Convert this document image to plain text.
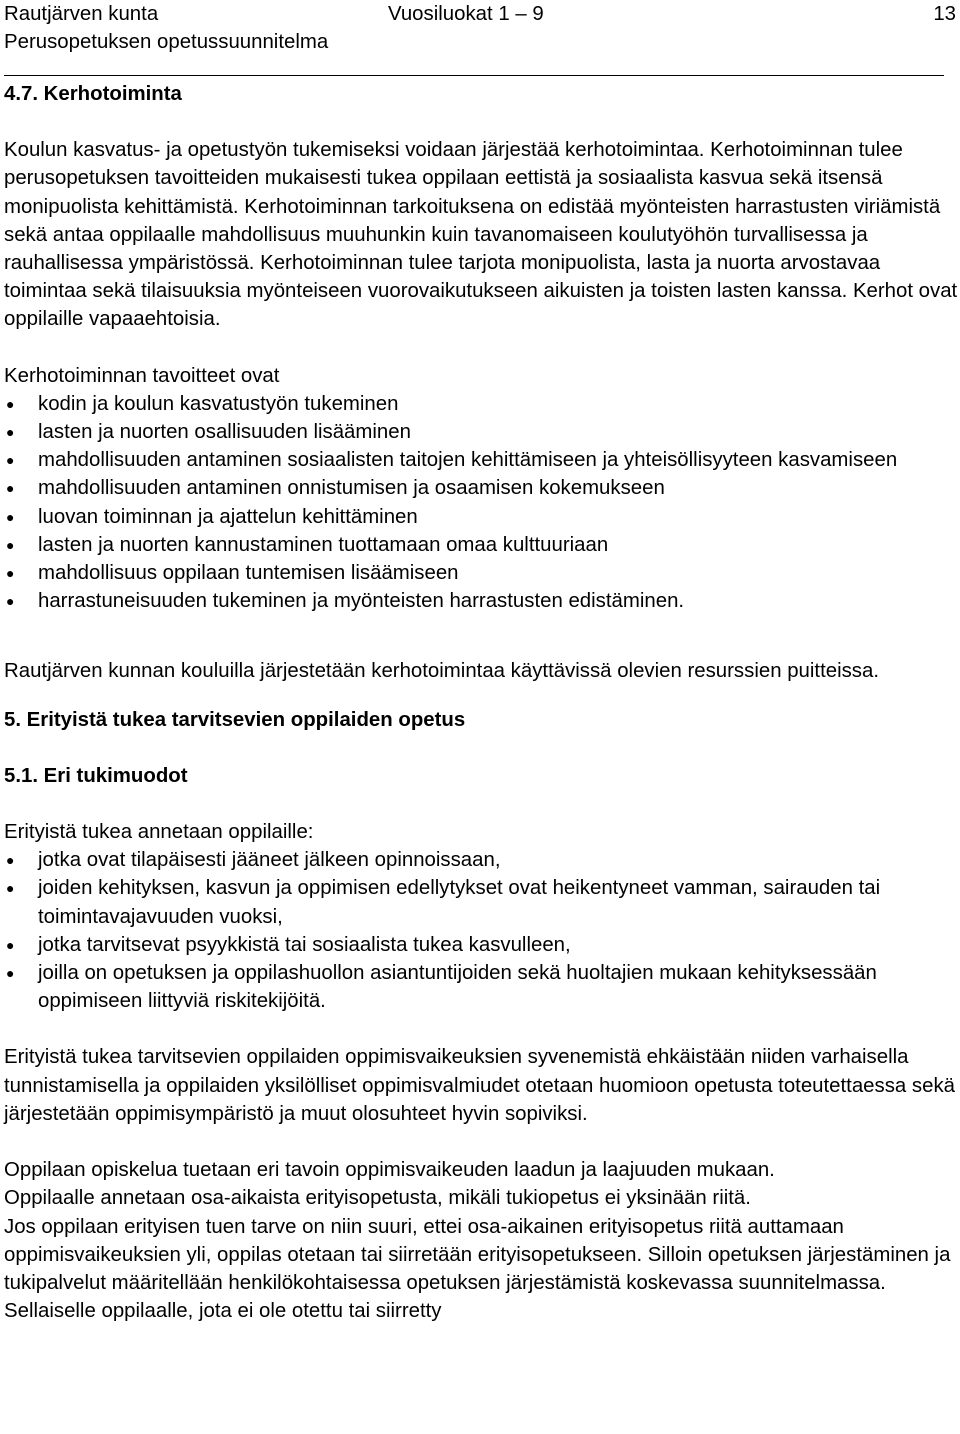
Rautjärven kunta
Perusopetuksen opetussuunnitelma
Vuosiluokat 1 – 9	13
4.7. Kerhotoiminta

Koulun kasvatus- ja opetustyön tukemiseksi voidaan järjestää kerhotoimintaa. Kerhotoiminnan tulee perusopetuksen tavoitteiden mukaisesti tukea oppilaan eettistä ja sosiaalista kasvua sekä itsensä monipuolista kehittämistä. Kerhotoiminnan tarkoituksena on edistää myönteisten harrastusten viriämistä sekä antaa oppilaalle mahdollisuus muuhunkin kuin tavanomaiseen koulutyöhön turvallisessa ja rauhallisessa ympäristössä. Kerhotoiminnan tulee tarjota monipuolista, lasta ja nuorta arvostavaa toimintaa sekä tilaisuuksia myönteiseen vuorovaikutukseen aikuisten ja toisten lasten kanssa. Kerhot ovat oppilaille vapaaehtoisia.

Kerhotoiminnan tavoitteet ovat

● kodin ja koulun kasvatustyön tukeminen
● lasten ja nuorten osallisuuden lisääminen
● mahdollisuuden antaminen sosiaalisten taitojen kehittämiseen ja yhteisöllisyyteen kasvamiseen
● mahdollisuuden antaminen onnistumisen ja osaamisen kokemukseen
● luovan toiminnan ja ajattelun kehittäminen
● lasten ja nuorten kannustaminen tuottamaan omaa kulttuuriaan
● mahdollisuus oppilaan tuntemisen lisäämiseen
● harrastuneisuuden tukeminen ja myönteisten harrastusten edistäminen.

Rautjärven kunnan kouluilla järjestetään kerhotoimintaa käyttävissä olevien resurssien puitteissa.

5. Erityistä tukea tarvitsevien oppilaiden opetus
5.1. Eri tukimuodot

Erityistä tukea annetaan oppilaille:

● jotka ovat tilapäisesti jääneet jälkeen opinnoissaan,
● joiden kehityksen, kasvun ja oppimisen edellytykset ovat heikentyneet vamman, sairauden tai toimintavajavuuden vuoksi,
● jotka tarvitsevat psyykkistä tai sosiaalista tukea kasvulleen,
● joilla on opetuksen ja oppilashuollon asiantuntijoiden sekä huoltajien mukaan kehityksessään oppimiseen liittyviä riskitekijöitä.

Erityistä tukea tarvitsevien oppilaiden oppimisvaikeuksien syvenemistä ehkäistään niiden varhaisella tunnistamisella ja oppilaiden yksilölliset oppimisvalmiudet otetaan huomioon opetusta toteutettaessa sekä järjestetään oppimisympäristö ja muut olosuhteet hyvin sopiviksi.

Oppilaan opiskelua tuetaan eri tavoin oppimisvaikeuden laadun ja laajuuden mukaan.

Oppilaalle annetaan osa-aikaista erityisopetusta, mikäli tukiopetus ei yksinään riitä.

Jos oppilaan erityisen tuen tarve on niin suuri, ettei osa-aikainen erityisopetus riitä auttamaan oppimisvaikeuksien yli, oppilas otetaan tai siirretään erityisopetukseen. Silloin opetuksen järjestäminen ja tukipalvelut määritellään henkilökohtaisessa opetuksen järjestämistä koskevassa suunnitelmassa. Sellaiselle oppilaalle, jota ei ole otettu tai siirretty
